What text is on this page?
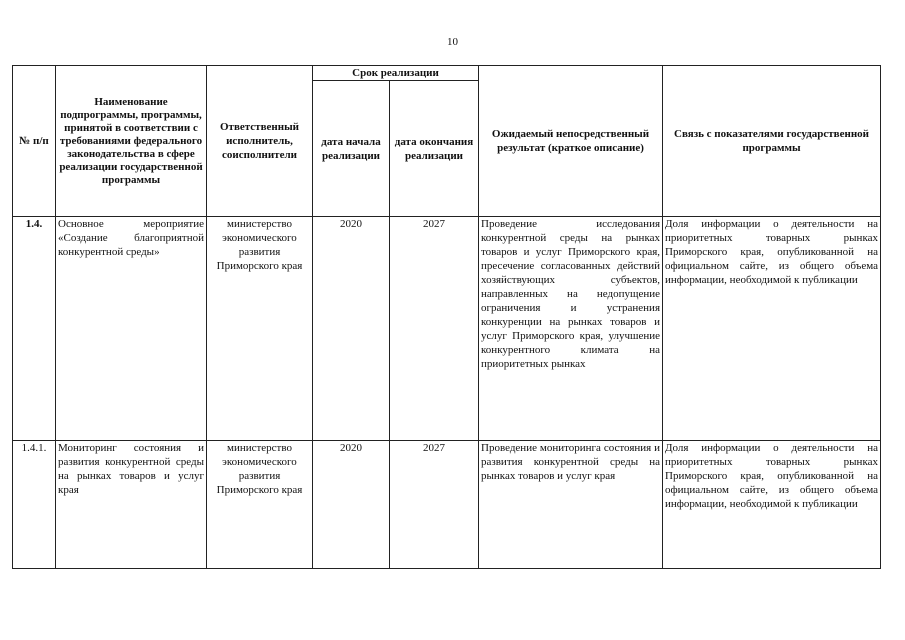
10
№ п/п	Наименование подпрограммы, программы, принятой в соответствии с требованиями федерального законодательства в сфере реализации государственной программы	Ответственный исполнитель, соисполнители	Срок реализации		Ожидаемый непосредственный результат (краткое описание)	Связь с показателями государственной программы
			дата начала реализации	дата окончания реализации		
1.4.	Основное мероприятие «Создание благоприятной конкурентной среды»	министерство экономического развития Приморского края	2020	2027	Проведение исследования конкурентной среды на рынках товаров и услуг Приморского края, пресечение согласованных действий хозяйствующих субъектов, направленных на недопущение ограничения и устранения конкуренции на рынках товаров и услуг Приморского края, улучшение конкурентного климата на приоритетных рынках	Доля информации о деятельности на приоритетных товарных рынках Приморского края, опубликованной на официальном сайте, из общего объема информации, необходимой к публикации
1.4.1.	Мониторинг состояния и развития конкурентной среды на рынках товаров и услуг края	министерство экономического развития Приморского края	2020	2027	Проведение мониторинга состояния и развития конкурентной среды на рынках товаров и услуг края	Доля информации о деятельности на приоритетных товарных рынках Приморского края, опубликованной на официальном сайте, из общего объема информации, необходимой к публикации
